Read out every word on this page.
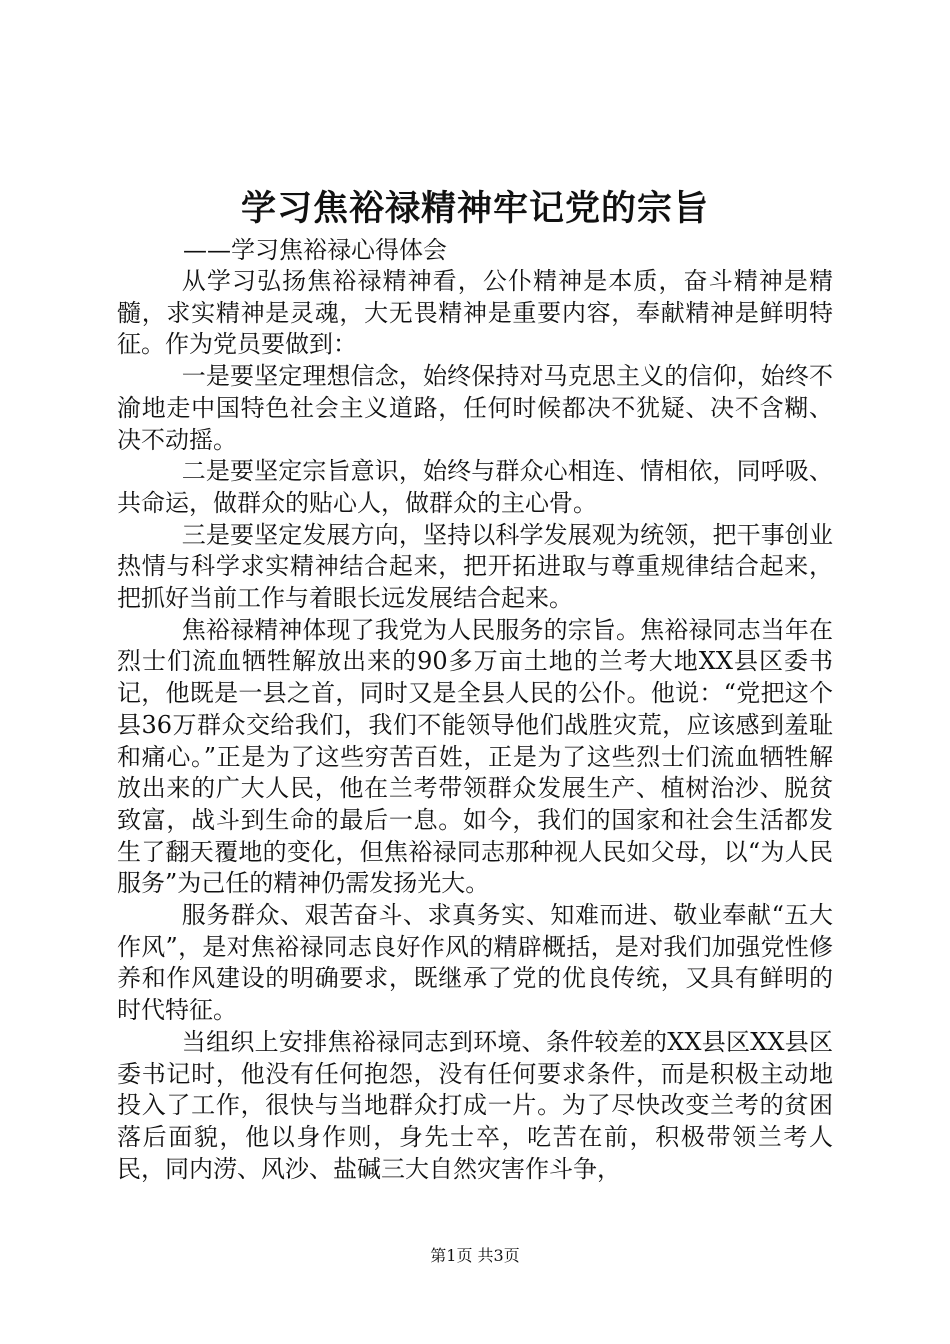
学习焦裕禄精神牢记党的宗旨
——学习焦裕禄心得体会

从学习弘扬焦裕禄精神看，公仆精神是本质，奋斗精神是精髓，求实精神是灵魂，大无畏精神是重要内容，奉献精神是鲜明特征。作为党员要做到：

一是要坚定理想信念，始终保持对马克思主义的信仰，始终不渝地走中国特色社会主义道路，任何时候都决不犹疑、决不含糊、决不动摇。

二是要坚定宗旨意识，始终与群众心相连、情相依，同呼吸、共命运，做群众的贴心人，做群众的主心骨。

三是要坚定发展方向，坚持以科学发展观为统领，把干事创业热情与科学求实精神结合起来，把开拓进取与尊重规律结合起来，把抓好当前工作与着眼长远发展结合起来。

焦裕禄精神体现了我党为人民服务的宗旨。焦裕禄同志当年在烈士们流血牺牲解放出来的90多万亩土地的兰考大地XX县区委书记，他既是一县之首，同时又是全县人民的公仆。他说：“党把这个县36万群众交给我们，我们不能领导他们战胜灾荒，应该感到羞耻和痛心。”正是为了这些穷苦百姓，正是为了这些烈士们流血牺牲解放出来的广大人民，他在兰考带领群众发展生产、植树治沙、脱贫致富，战斗到生命的最后一息。如今，我们的国家和社会生活都发生了翻天覆地的变化，但焦裕禄同志那种视人民如父母，以“为人民服务”为己任的精神仍需发扬光大。

服务群众、艰苦奋斗、求真务实、知难而进、敬业奉献“五大作风”，是对焦裕禄同志良好作风的精辟概括，是对我们加强党性修养和作风建设的明确要求，既继承了党的优良传统，又具有鲜明的时代特征。

当组织上安排焦裕禄同志到环境、条件较差的XX县区XX县区委书记时，他没有任何抱怨，没有任何要求条件，而是积极主动地投入了工作，很快与当地群众打成一片。为了尽快改变兰考的贫困落后面貌，他以身作则，身先士卒，吃苦在前，积极带领兰考人民，同内涝、风沙、盐碱三大自然灾害作斗争，

第1页 共3页
